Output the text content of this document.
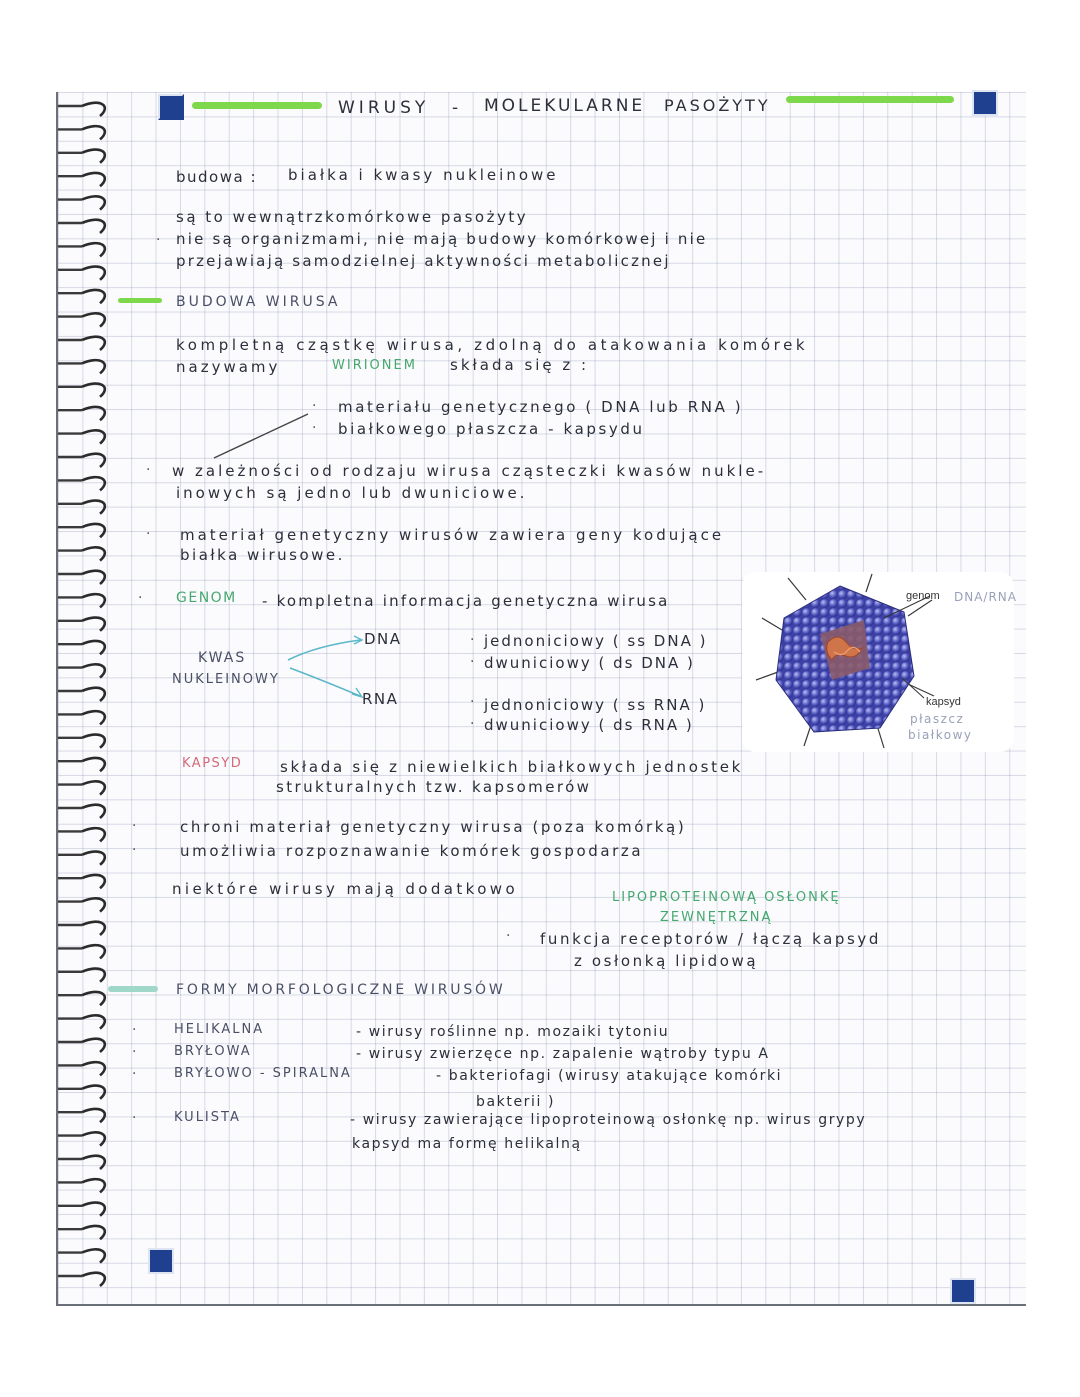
WIRUSY - MOLEKULARNE PASOŻYTY
budowa : białka i kwasy nukleinowe
są to wewnątrzkomórkowe pasożyty
· nie są organizmami, nie mają budowy komórkowej i nie
przejawiają samodzielnej aktywności metabolicznej
BUDOWA WIRUSA
kompletną cząstkę wirusa, zdolną do atakowania komórek
nazywamy	WIRIONEM składa się z :
· materiału genetycznego ( DNA lub RNA )
· białkowego płaszcza - kapsydu
· w zależności od rodzaju wirusa cząsteczki kwasów nukle-
inowych są jedno lub dwuniciowe.
· materiał genetyczny wirusów zawiera geny kodujące
białka wirusowe.
· GENOM - kompletna informacja genetyczna wirusa
KWAS
NUKLEINOWY
DNA
RNA
· jednoniciowy ( ss DNA )
· dwuniciowy ( ds DNA )
· jednoniciowy ( ss RNA )
· dwuniciowy ( ds RNA )
genom DNA/RNA
kapsyd
płaszcz
białkowy
KAPSYD	składa się z niewielkich białkowych jednostek
strukturalnych tzw. kapsomerów
·	chroni materiał genetyczny wirusa (poza komórką)
·	umożliwia rozpoznawanie komórek gospodarza
niektóre wirusy mają dodatkowo	LIPOPROTEINOWĄ OSŁONKĘ
ZEWNĘTRZNĄ
· funkcja receptorów / łączą kapsyd
z osłonką lipidową
FORMY MORFOLOGICZNE WIRUSÓW
·	HELIKALNA	- wirusy roślinne np. mozaiki tytoniu
·	BRYŁOWA	- wirusy zwierzęce np. zapalenie wątroby typu A
·	BRYŁOWO - SPIRALNA	- bakteriofagi (wirusy atakujące komórki
bakterii )
·	KULISTA	- wirusy zawierające lipoproteinową osłonkę np. wirus grypy
kapsyd ma formę helikalną
